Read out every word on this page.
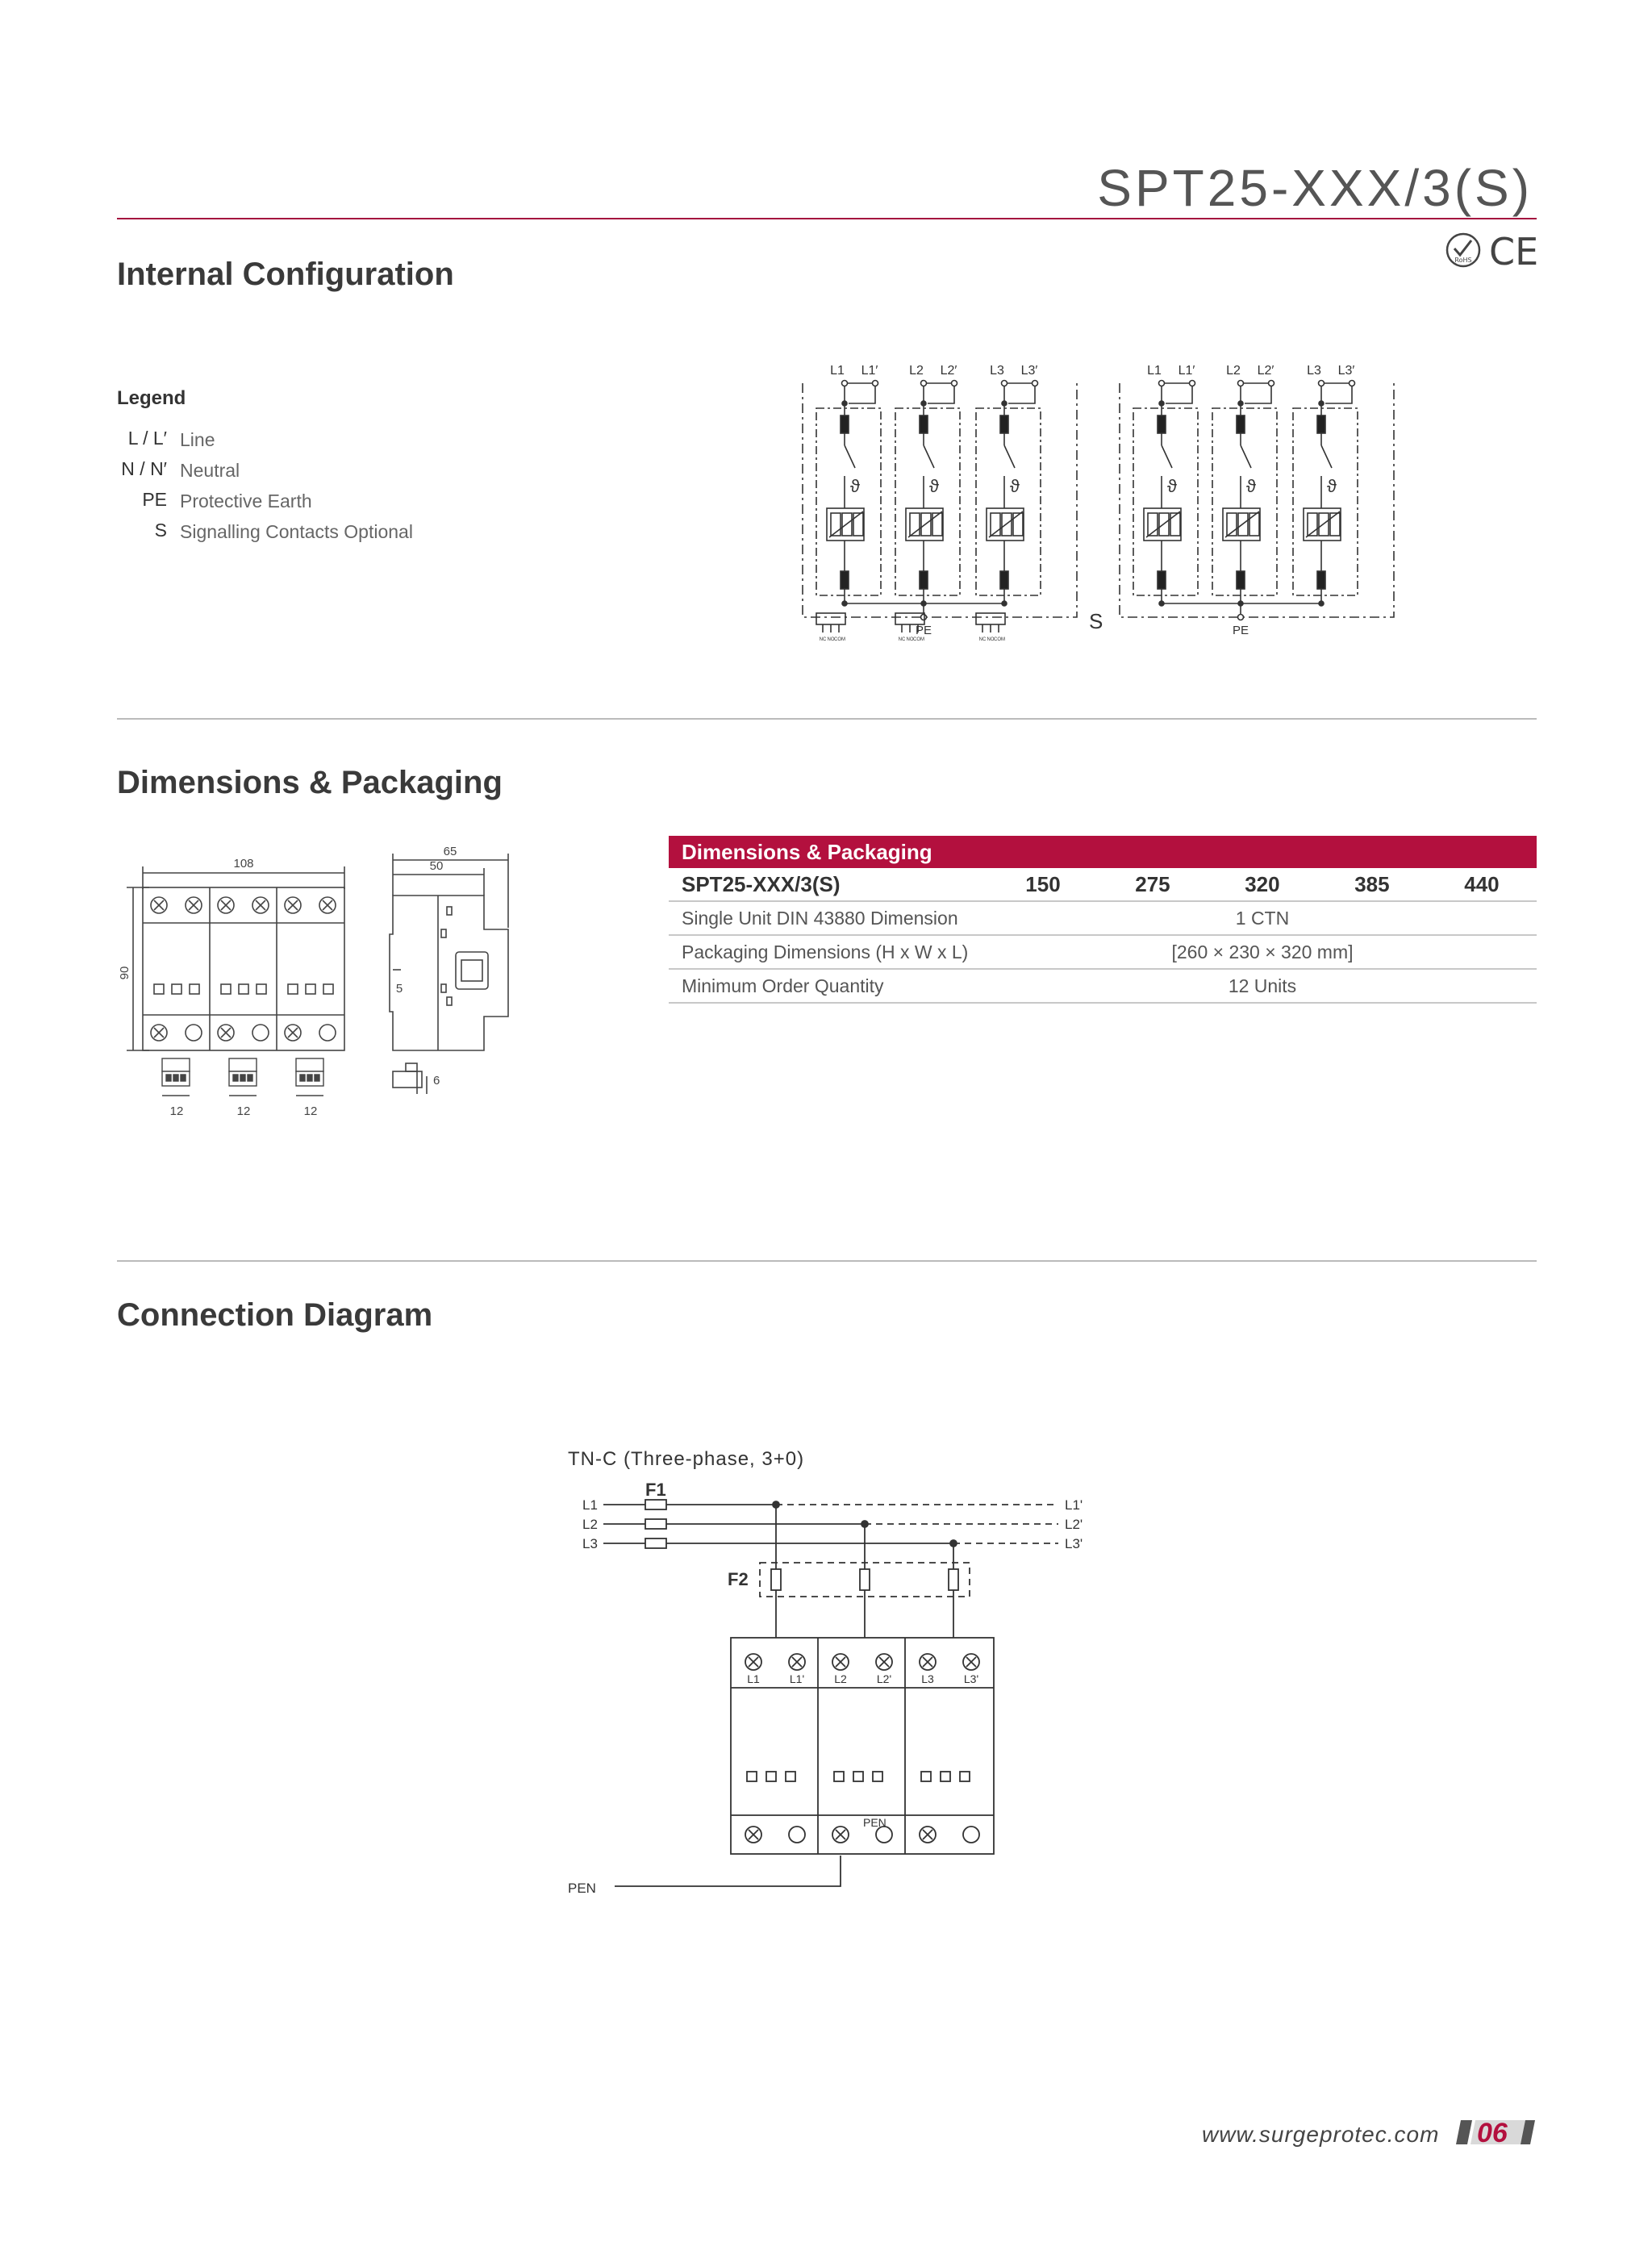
SPT25-XXX/3(S)
RoHS CE
Internal Configuration
Legend
L / L′ Line
N / N′ Neutral
PE Protective Earth
S Signalling Contacts Optional
L1 L1′
ϑ
L2 L2′
ϑ
L3 L3′
ϑ
PE
NC NO COM	NC NO COM	NC NO COM
S
L1 L1′
ϑ
L2 L2′
ϑ
L3 L3′
ϑ
PE
Dimensions & Packaging
108
90
12	12	12
65
50
5
6
Dimensions & Packaging					
SPT25-XXX/3(S)	150	275	320	385	440
Single Unit DIN 43880 Dimension	1 CTN				
Packaging Dimensions (H x W x L)	[260 × 230 × 320 mm]				
Minimum Order Quantity	12 Units				
Connection Diagram
TN-C (Three-phase, 3+0)
F1
F2
L1
L2
L3
L1'
L2'
L3'
PEN
PEN
L1	L1'	L2	L2'	L3	L3'
www.surgeprotec.com 06
